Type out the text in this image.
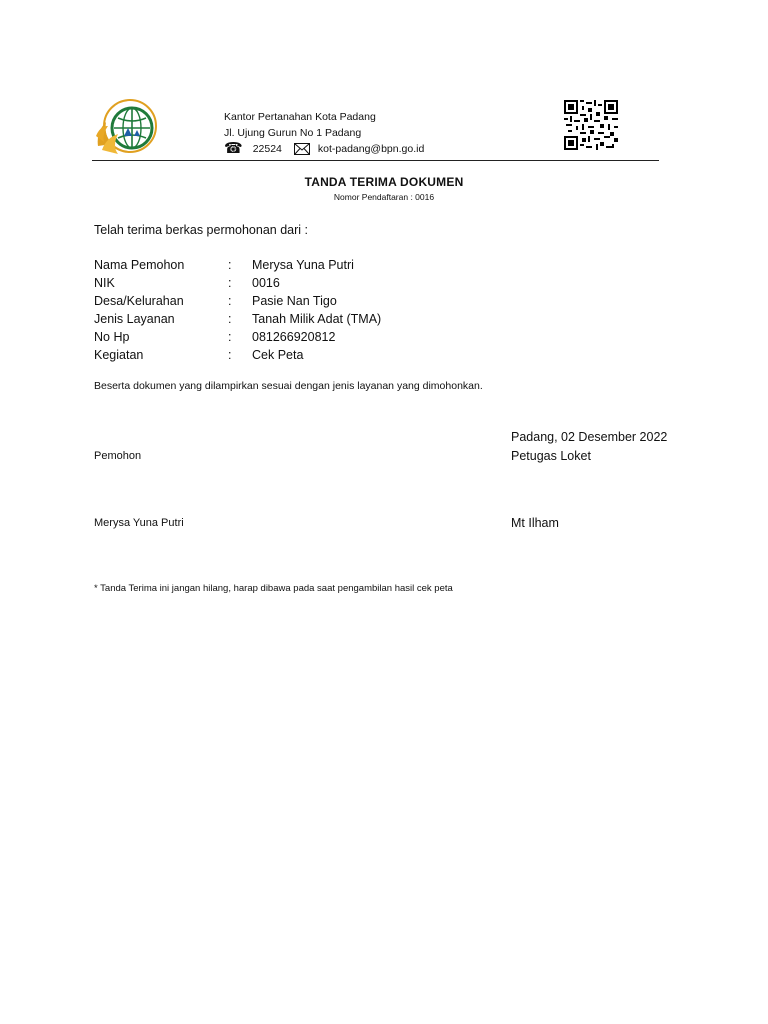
Kantor Pertanahan Kota Padang
Jl. Ujung Gurun No 1 Padang
☎ 22524	kot-padang@bpn.go.id
TANDA TERIMA DOKUMEN
Nomor Pendaftaran : 0016
Telah terima berkas permohonan dari :
Nama Pemohon	:	Merysa Yuna Putri
NIK	:	0016
Desa/Kelurahan	:	Pasie Nan Tigo
Jenis Layanan	:	Tanah Milik Adat (TMA)
No Hp	:	081266920812
Kegiatan	:	Cek Peta
Beserta dokumen yang dilampirkan sesuai dengan jenis layanan yang dimohonkan.
Padang, 02 Desember 2022
Pemohon	Petugas Loket
Merysa Yuna Putri	Mt Ilham
* Tanda Terima ini jangan hilang, harap dibawa pada saat pengambilan hasil cek peta
